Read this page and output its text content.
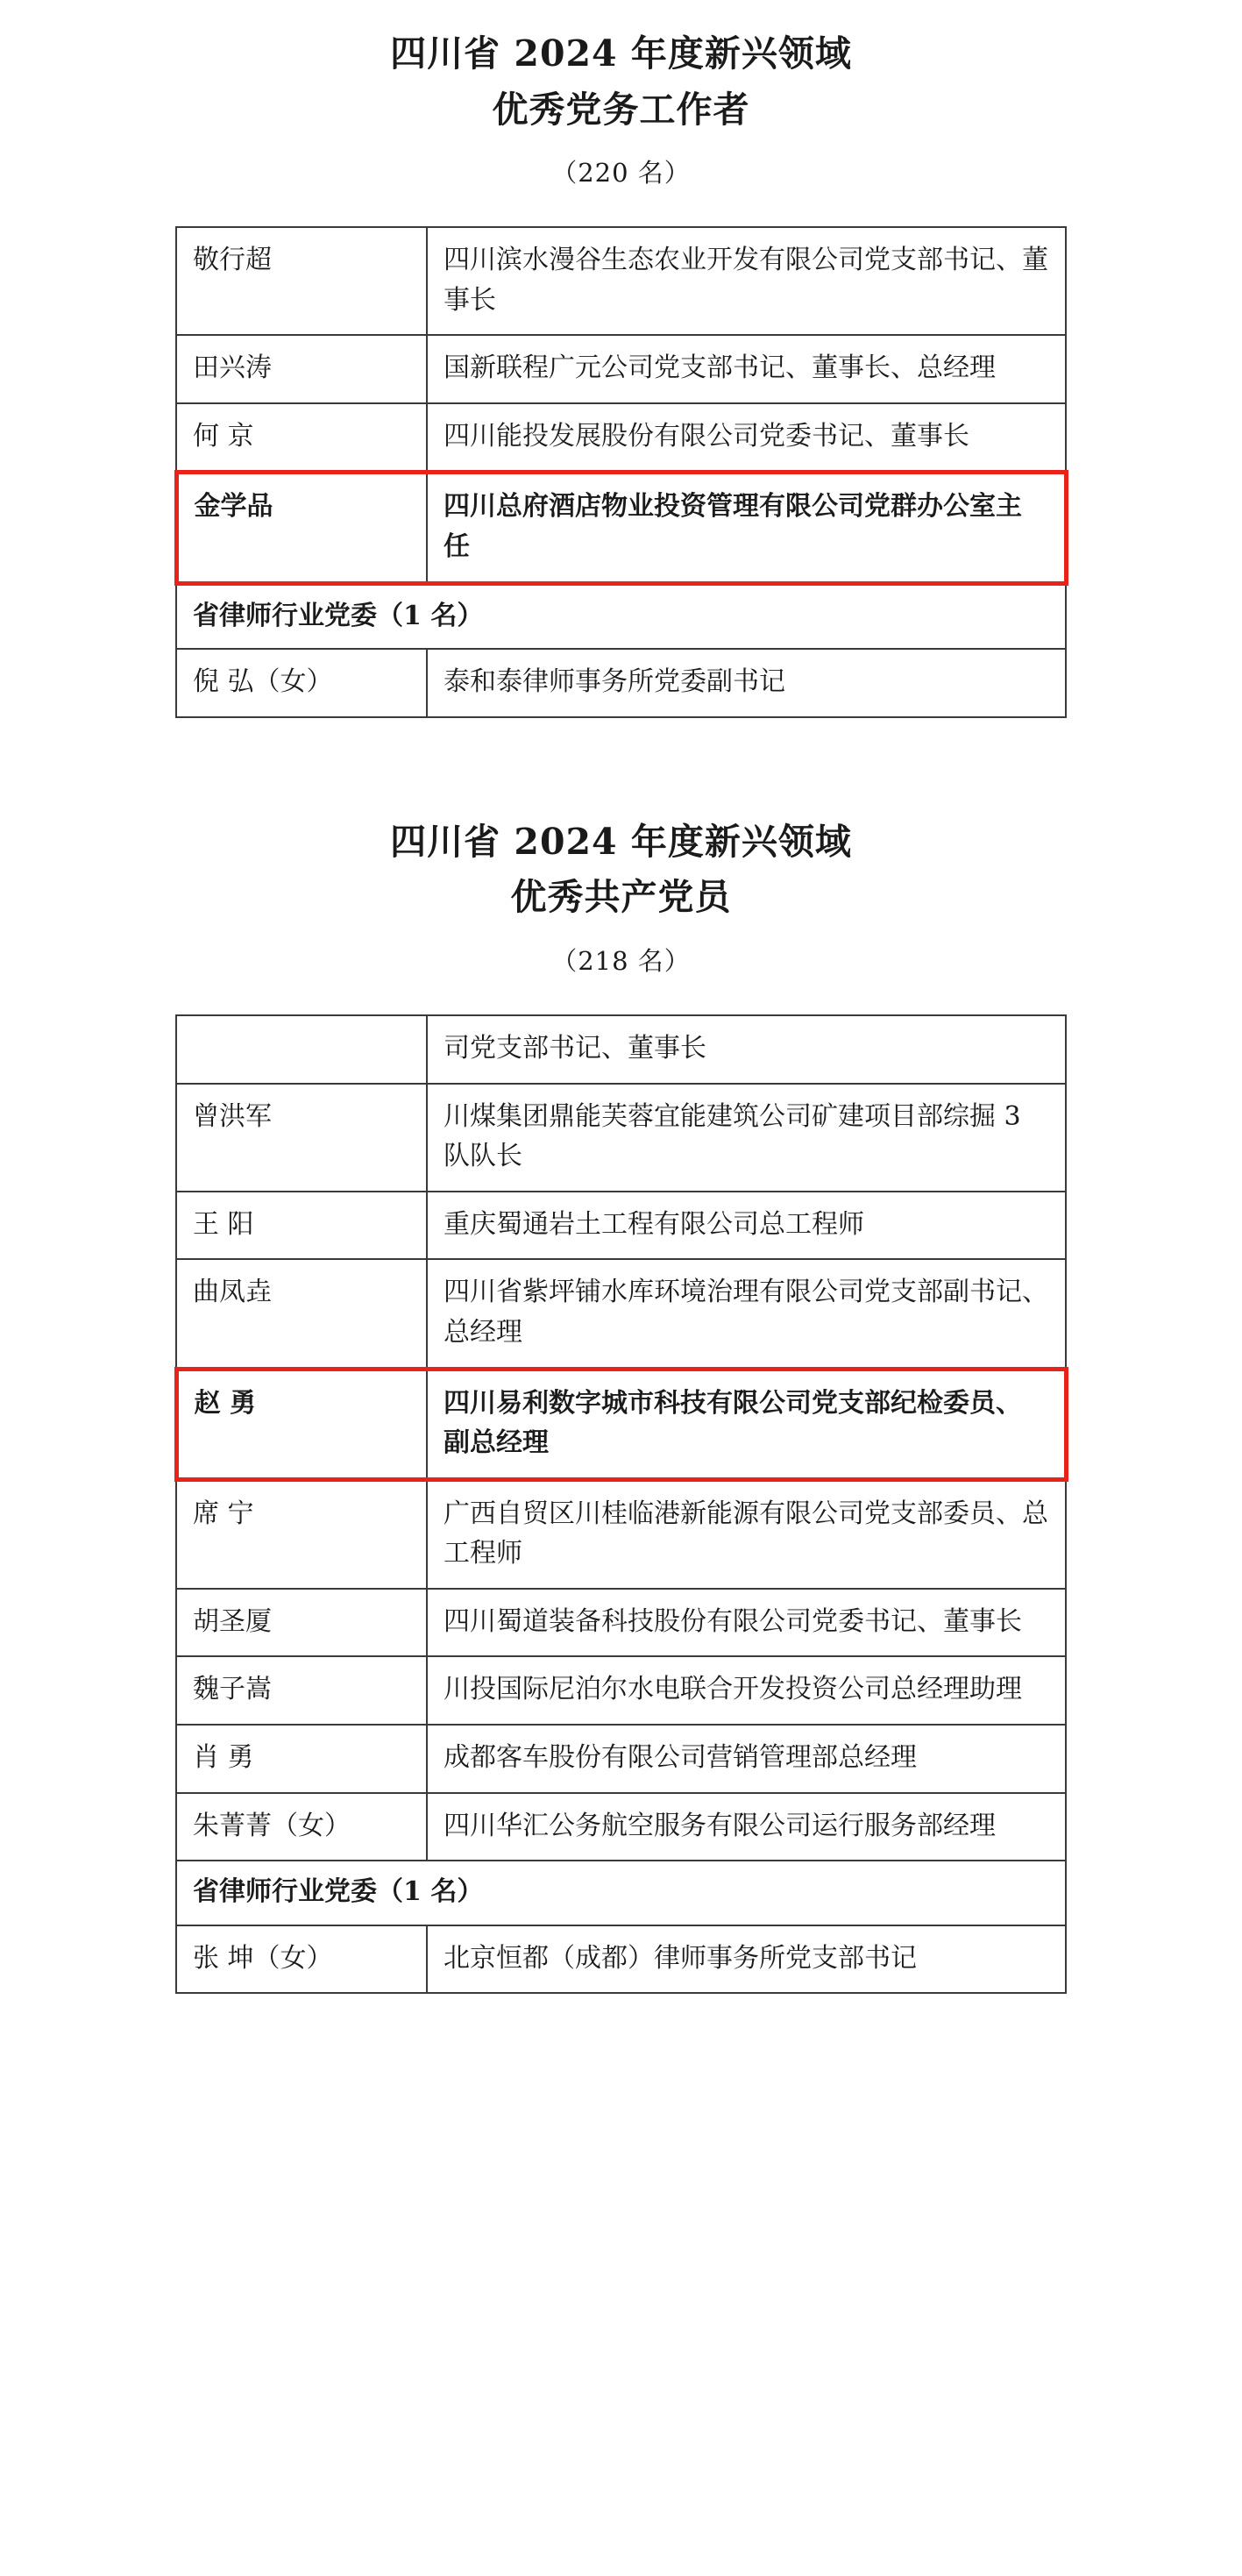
四川省 2024 年度新兴领域
优秀党务工作者
（220 名）
敬行超	四川滨水漫谷生态农业开发有限公司党支部书记、董事长
田兴涛	国新联程广元公司党支部书记、董事长、总经理
何 京	四川能投发展股份有限公司党委书记、董事长
金学品	四川总府酒店物业投资管理有限公司党群办公室主任
省律师行业党委（1 名）	
倪 弘（女）	泰和泰律师事务所党委副书记
四川省 2024 年度新兴领域
优秀共产党员
（218 名）
	司党支部书记、董事长
曾洪军	川煤集团鼎能芙蓉宜能建筑公司矿建项目部综掘 3 队队长
王 阳	重庆蜀通岩土工程有限公司总工程师
曲凤垚	四川省紫坪铺水库环境治理有限公司党支部副书记、总经理
赵 勇	四川易利数字城市科技有限公司党支部纪检委员、副总经理
席 宁	广西自贸区川桂临港新能源有限公司党支部委员、总工程师
胡圣厦	四川蜀道装备科技股份有限公司党委书记、董事长
魏子嵩	川投国际尼泊尔水电联合开发投资公司总经理助理
肖 勇	成都客车股份有限公司营销管理部总经理
朱菁菁（女）	四川华汇公务航空服务有限公司运行服务部经理
省律师行业党委（1 名）	
张 坤（女）	北京恒都（成都）律师事务所党支部书记
